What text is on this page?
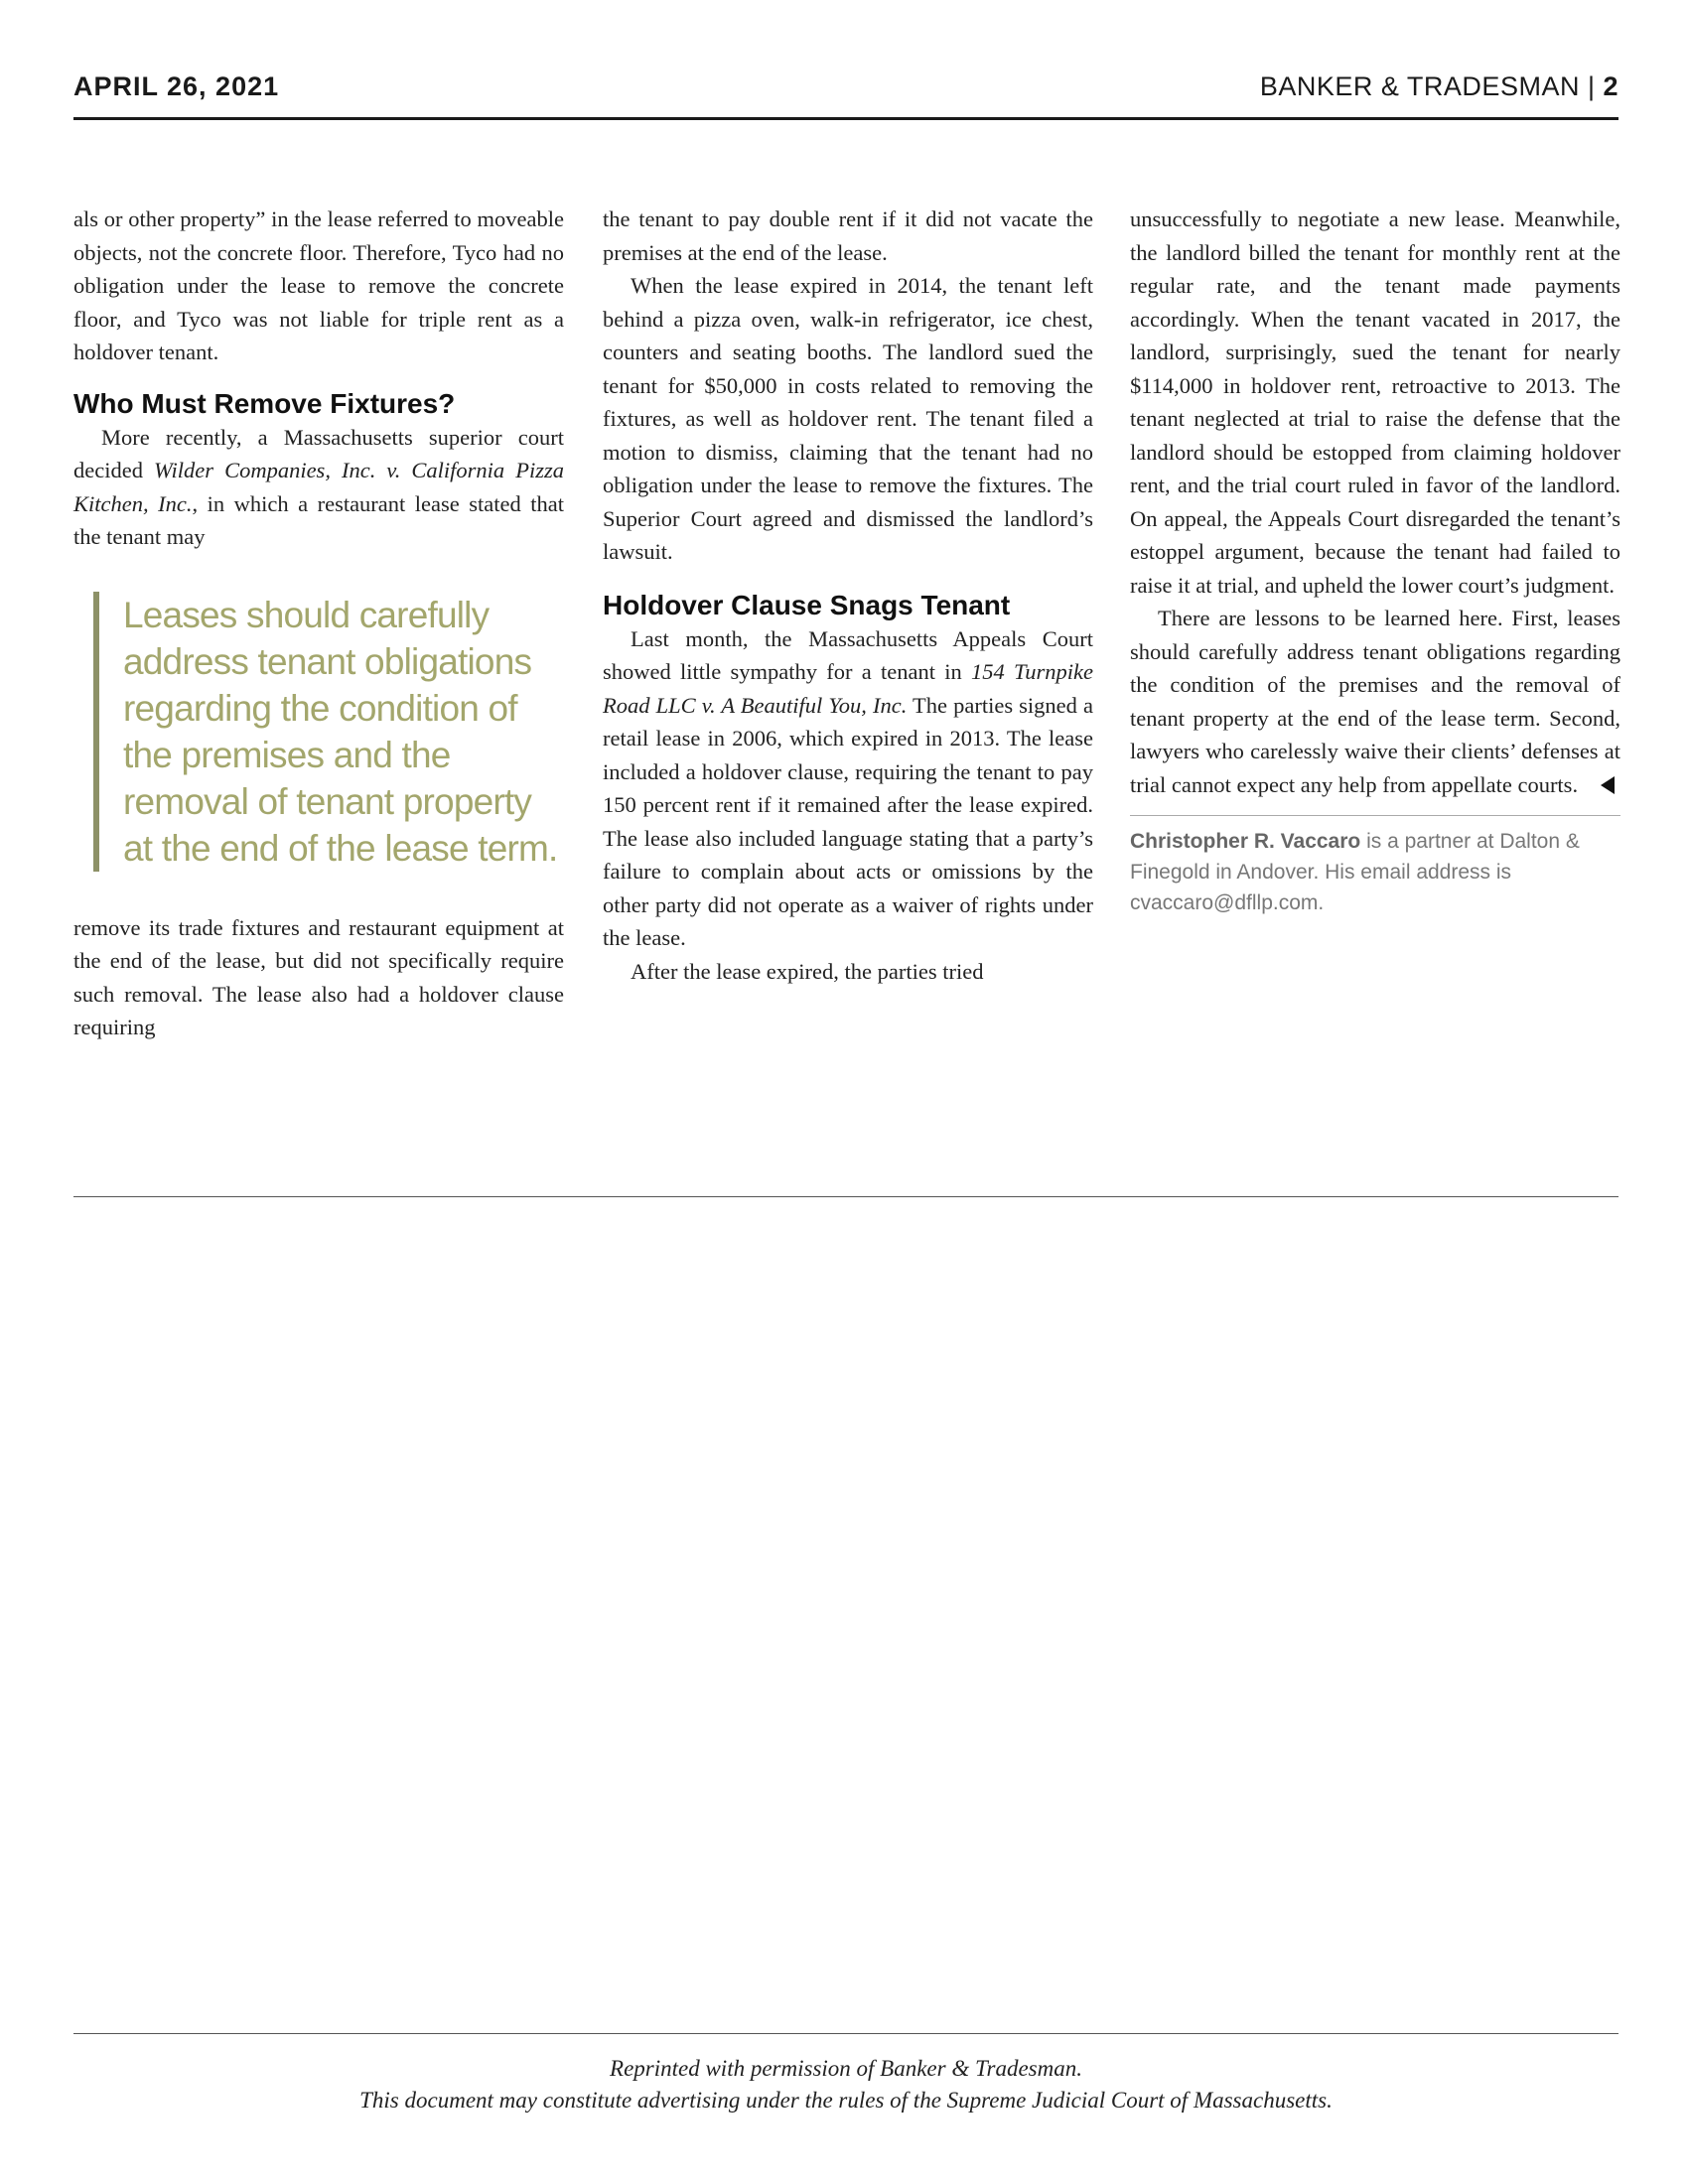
APRIL 26, 2021	BANKER & TRADESMAN | 2

als or other property” in the lease referred to moveable objects, not the concrete floor. Therefore, Tyco had no obligation under the lease to remove the concrete floor, and Tyco was not liable for triple rent as a holdover tenant.

Who Must Remove Fixtures?

More recently, a Massachusetts superior court decided Wilder Companies, Inc. v. California Pizza Kitchen, Inc., in which a restaurant lease stated that the tenant may

Leases should carefully address tenant obligations regarding the condition of the premises and the removal of tenant property at the end of the lease term.

remove its trade fixtures and restaurant equipment at the end of the lease, but did not specifically require such removal. The lease also had a holdover clause requiring

the tenant to pay double rent if it did not vacate the premises at the end of the lease.

When the lease expired in 2014, the tenant left behind a pizza oven, walk-in refrigerator, ice chest, counters and seating booths. The landlord sued the tenant for $50,000 in costs related to removing the fixtures, as well as holdover rent. The tenant filed a motion to dismiss, claiming that the tenant had no obligation under the lease to remove the fixtures. The Superior Court agreed and dismissed the landlord’s lawsuit.

Holdover Clause Snags Tenant

Last month, the Massachusetts Appeals Court showed little sympathy for a tenant in 154 Turnpike Road LLC v. A Beautiful You, Inc. The parties signed a retail lease in 2006, which expired in 2013. The lease included a holdover clause, requiring the tenant to pay 150 percent rent if it remained after the lease expired. The lease also included language stating that a party’s failure to complain about acts or omissions by the other party did not operate as a waiver of rights under the lease.

After the lease expired, the parties tried

unsuccessfully to negotiate a new lease. Meanwhile, the landlord billed the tenant for monthly rent at the regular rate, and the tenant made payments accordingly. When the tenant vacated in 2017, the landlord, surprisingly, sued the tenant for nearly $114,000 in holdover rent, retroactive to 2013. The tenant neglected at trial to raise the defense that the landlord should be estopped from claiming holdover rent, and the trial court ruled in favor of the landlord. On appeal, the Appeals Court disregarded the tenant’s estoppel argument, because the tenant had failed to raise it at trial, and upheld the lower court’s judgment.

There are lessons to be learned here. First, leases should carefully address tenant obligations regarding the condition of the premises and the removal of tenant property at the end of the lease term. Second, lawyers who carelessly waive their clients’ defenses at trial cannot expect any help from appellate courts.

Christopher R. Vaccaro is a partner at Dalton & Finegold in Andover. His email address is cvaccaro@dfllp.com.

Reprinted with permission of Banker & Tradesman.
This document may constitute advertising under the rules of the Supreme Judicial Court of Massachusetts.
